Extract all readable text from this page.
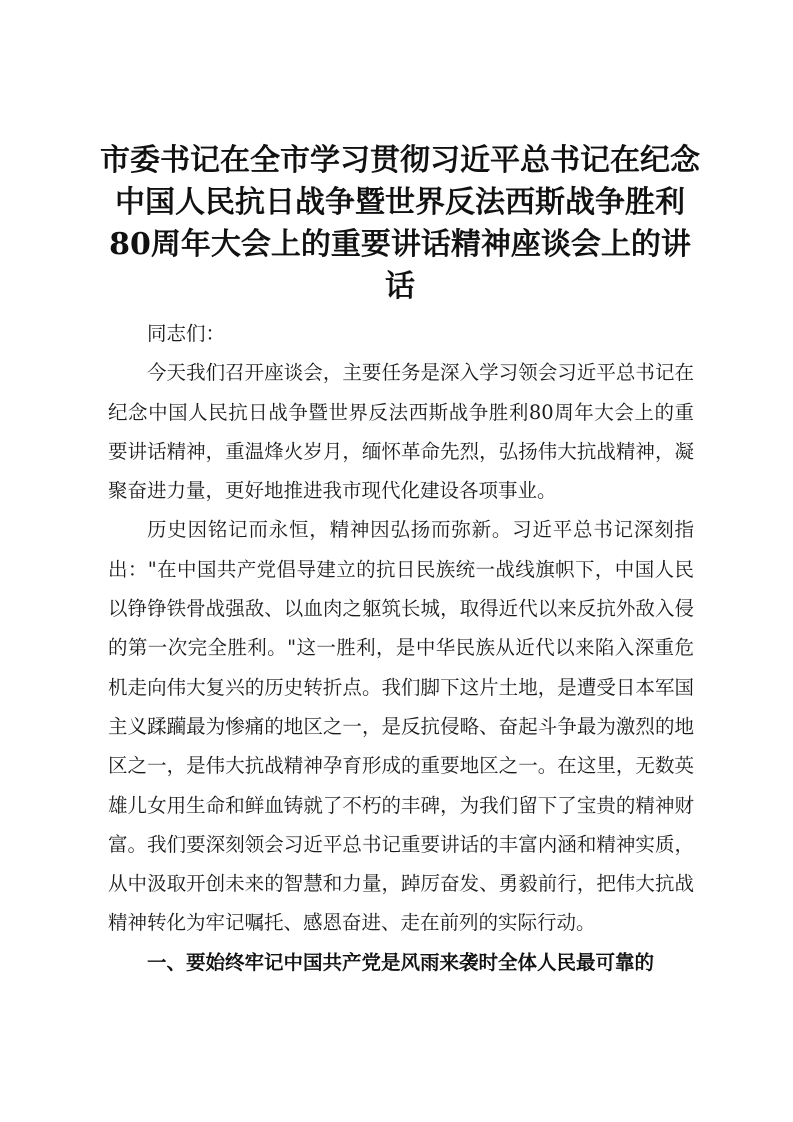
市委书记在全市学习贯彻习近平总书记在纪念中国人民抗日战争暨世界反法西斯战争胜利80周年大会上的重要讲话精神座谈会上的讲话

同志们：

今天我们召开座谈会，主要任务是深入学习领会习近平总书记在纪念中国人民抗日战争暨世界反法西斯战争胜利80周年大会上的重要讲话精神，重温烽火岁月，缅怀革命先烈，弘扬伟大抗战精神，凝聚奋进力量，更好地推进我市现代化建设各项事业。

历史因铭记而永恒，精神因弘扬而弥新。习近平总书记深刻指出："在中国共产党倡导建立的抗日民族统一战线旗帜下，中国人民以铮铮铁骨战强敌、以血肉之躯筑长城，取得近代以来反抗外敌入侵的第一次完全胜利。"这一胜利，是中华民族从近代以来陷入深重危机走向伟大复兴的历史转折点。我们脚下这片土地，是遭受日本军国主义蹂躏最为惨痛的地区之一，是反抗侵略、奋起斗争最为激烈的地区之一，是伟大抗战精神孕育形成的重要地区之一。在这里，无数英雄儿女用生命和鲜血铸就了不朽的丰碑，为我们留下了宝贵的精神财富。我们要深刻领会习近平总书记重要讲话的丰富内涵和精神实质，从中汲取开创未来的智慧和力量，踔厉奋发、勇毅前行，把伟大抗战精神转化为牢记嘱托、感恩奋进、走在前列的实际行动。

一、要始终牢记中国共产党是风雨来袭时全体人民最可靠的
